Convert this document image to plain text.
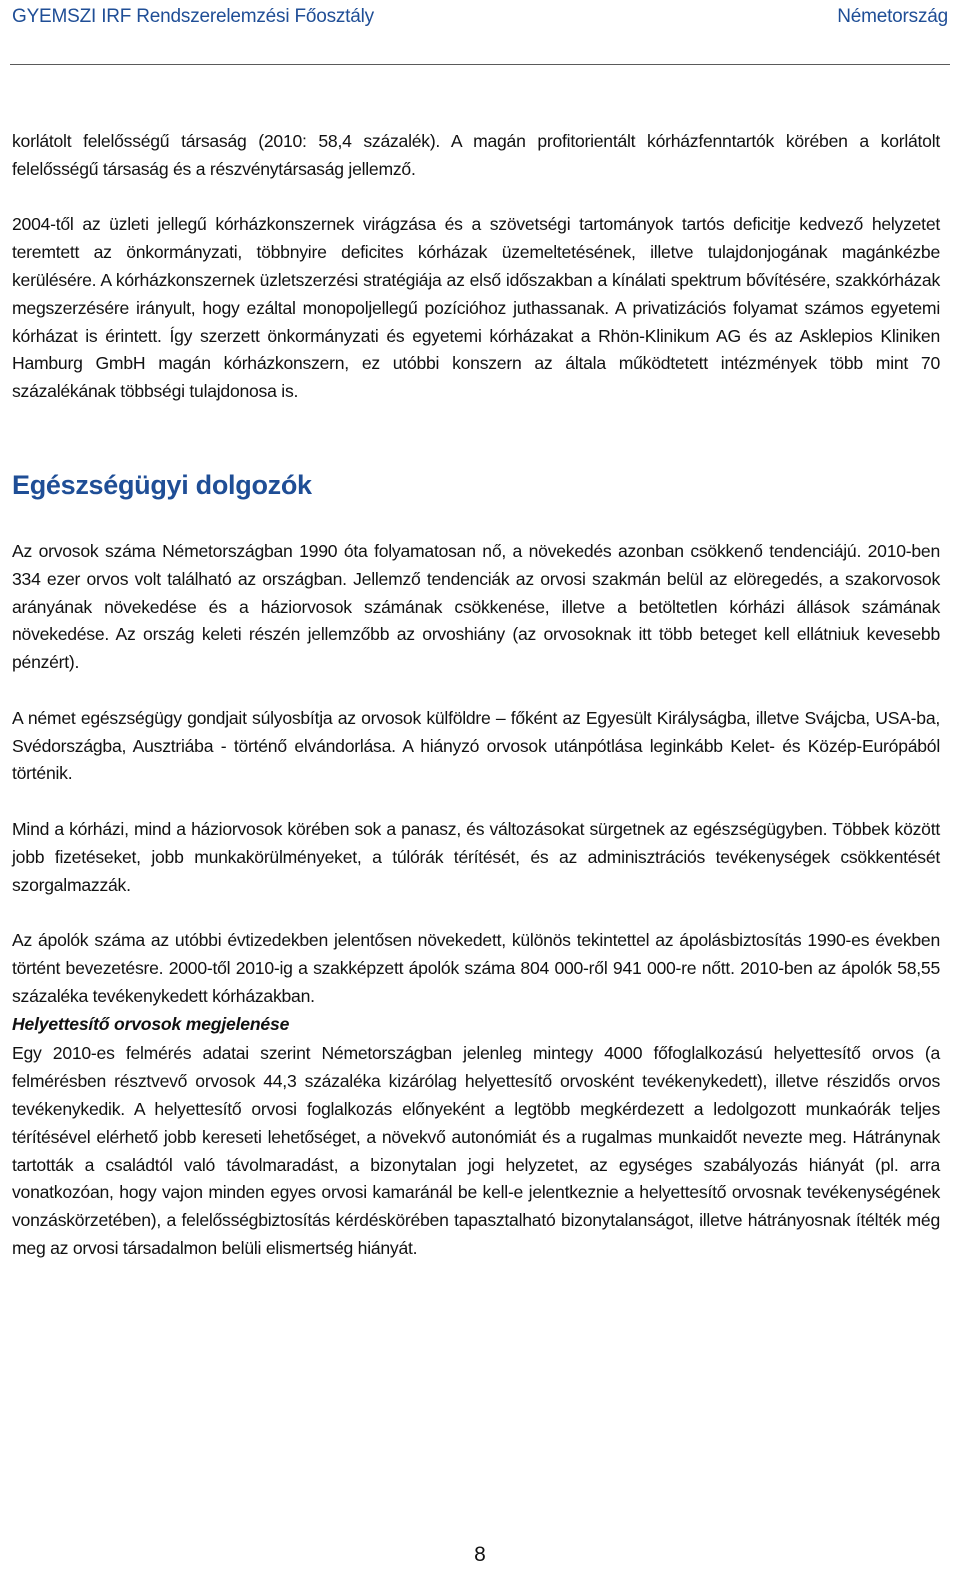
GYEMSZI IRF Rendszerelemzési Főosztály	Németország

korlátolt felelősségű társaság (2010: 58,4 százalék). A magán profitorientált kórházfenntartók körében a korlátolt felelősségű társaság és a részvénytársaság jellemző.

2004-től az üzleti jellegű kórházkonszernek virágzása és a szövetségi tartományok tartós deficitje kedvező helyzetet teremtett az önkormányzati, többnyire deficites kórházak üzemeltetésének, illetve tulajdonjogának magánkézbe kerülésére. A kórházkonszernek üzletszerzési stratégiája az első időszakban a kínálati spektrum bővítésére, szakkórházak megszerzésére irányult, hogy ezáltal monopoljellegű pozícióhoz juthassanak. A privatizációs folyamat számos egyetemi kórházat is érintett. Így szerzett önkormányzati és egyetemi kórházakat a Rhön-Klinikum AG és az Asklepios Kliniken Hamburg GmbH magán kórházkonszern, ez utóbbi konszern az általa működtetett intézmények több mint 70 százalékának többségi tulajdonosa is.

Egészségügyi dolgozók

Az orvosok száma Németországban 1990 óta folyamatosan nő, a növekedés azonban csökkenő tendenciájú. 2010-ben 334 ezer orvos volt található az országban. Jellemző tendenciák az orvosi szakmán belül az elöregedés, a szakorvosok arányának növekedése és a háziorvosok számának csökkenése, illetve a betöltetlen kórházi állások számának növekedése. Az ország keleti részén jellemzőbb az orvoshiány (az orvosoknak itt több beteget kell ellátniuk kevesebb pénzért).

A német egészségügy gondjait súlyosbítja az orvosok külföldre – főként az Egyesült Királyságba, illetve Svájcba, USA-ba, Svédországba, Ausztriába - történő elvándorlása. A hiányzó orvosok utánpótlása leginkább Kelet- és Közép-Európából történik.

Mind a kórházi, mind a háziorvosok körében sok a panasz, és változásokat sürgetnek az egészségügyben. Többek között jobb fizetéseket, jobb munkakörülményeket, a túlórák térítését, és az adminisztrációs tevékenységek csökkentését szorgalmazzák.

Az ápolók száma az utóbbi évtizedekben jelentősen növekedett, különös tekintettel az ápolásbiztosítás 1990-es években történt bevezetésre. 2000-től 2010-ig a szakképzett ápolók száma 804 000-ről 941 000-re nőtt. 2010-ben az ápolók 58,55 százaléka tevékenykedett kórházakban.

Helyettesítő orvosok megjelenése

Egy 2010-es felmérés adatai szerint Németországban jelenleg mintegy 4000 főfoglalkozású helyettesítő orvos (a felmérésben résztvevő orvosok 44,3 százaléka kizárólag helyettesítő orvosként tevékenykedett), illetve részidős orvos tevékenykedik. A helyettesítő orvosi foglalkozás előnyeként a legtöbb megkérdezett a ledolgozott munkaórák teljes térítésével elérhető jobb kereseti lehetőséget, a növekvő autonómiát és a rugalmas munkaidőt nevezte meg. Hátránynak tartották a családtól való távolmaradást, a bizonytalan jogi helyzetet, az egységes szabályozás hiányát (pl. arra vonatkozóan, hogy vajon minden egyes orvosi kamaránál be kell-e jelentkeznie a helyettesítő orvosnak tevékenységének vonzáskörzetében), a felelősségbiztosítás kérdéskörében tapasztalható bizonytalanságot, illetve hátrányosnak ítélték még meg az orvosi társadalmon belüli elismertség hiányát.

8
